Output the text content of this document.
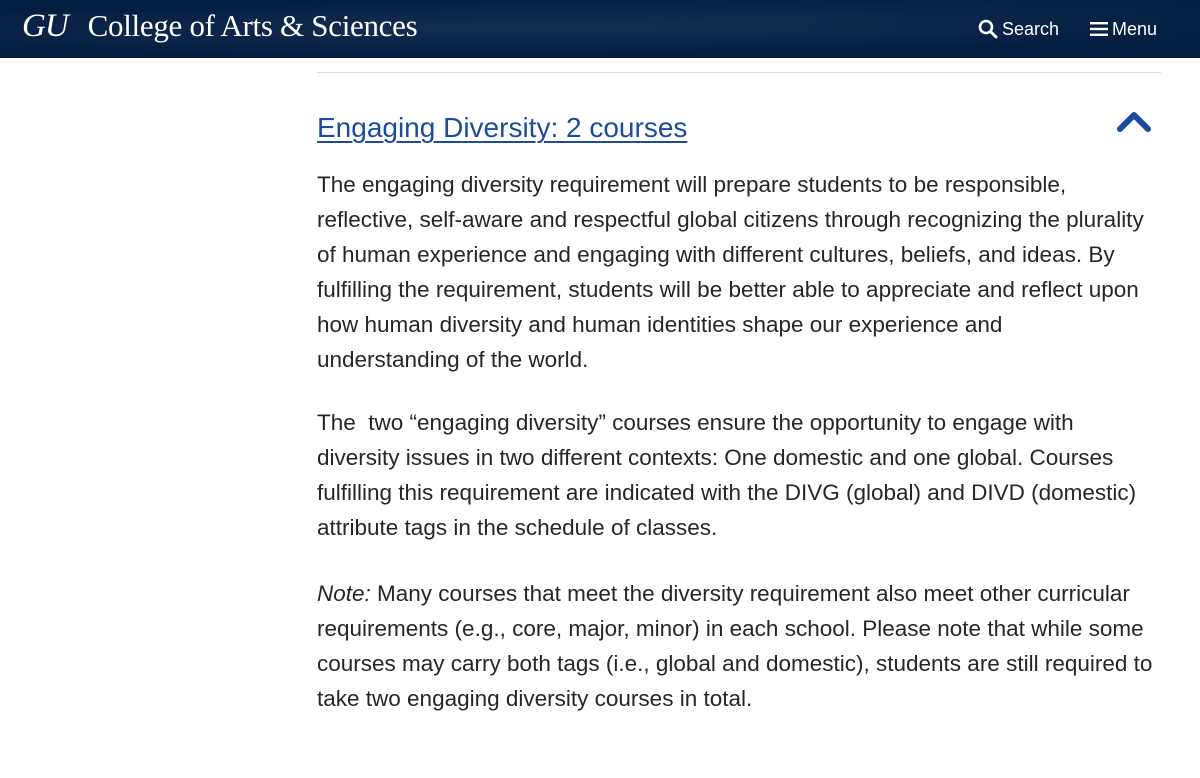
GU College of Arts & Sciences	Search	Menu
Engaging Diversity: 2 courses
The engaging diversity requirement will prepare students to be responsible,
reflective, self-aware and respectful global citizens through recognizing the plurality
of human experience and engaging with different cultures, beliefs, and ideas. By
fulfilling the requirement, students will be better able to appreciate and reflect upon
how human diversity and human identities shape our experience and
understanding of the world.
The  two “engaging diversity” courses ensure the opportunity to engage with
diversity issues in two different contexts: One domestic and one global. Courses
fulfilling this requirement are indicated with the DIVG (global) and DIVD (domestic)
attribute tags in the schedule of classes.
Note: Many courses that meet the diversity requirement also meet other curricular
requirements (e.g., core, major, minor) in each school. Please note that while some
courses may carry both tags (i.e., global and domestic), students are still required to
take two engaging diversity courses in total.
